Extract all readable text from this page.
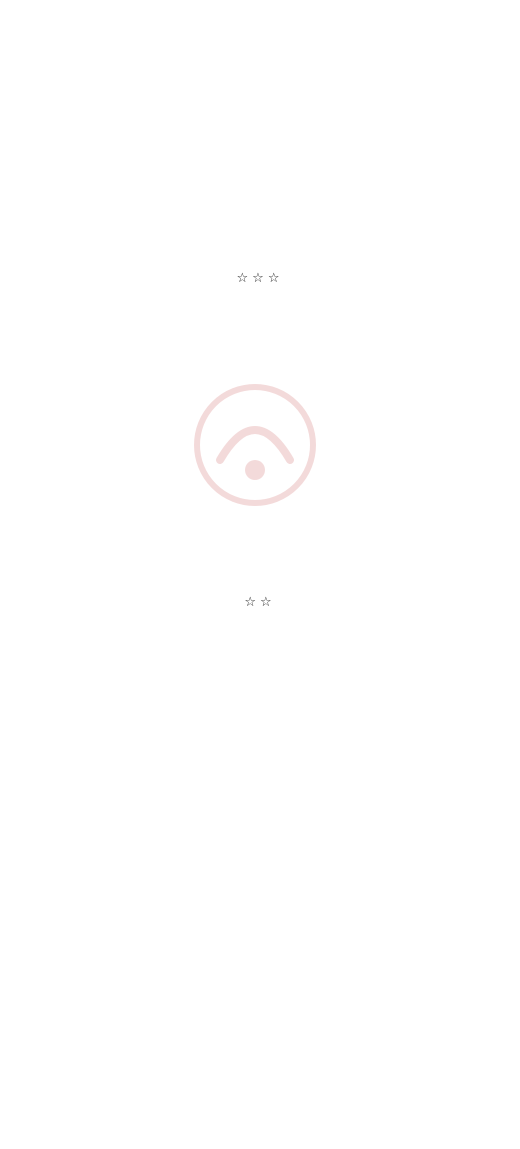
☆☆☆

☆☆
